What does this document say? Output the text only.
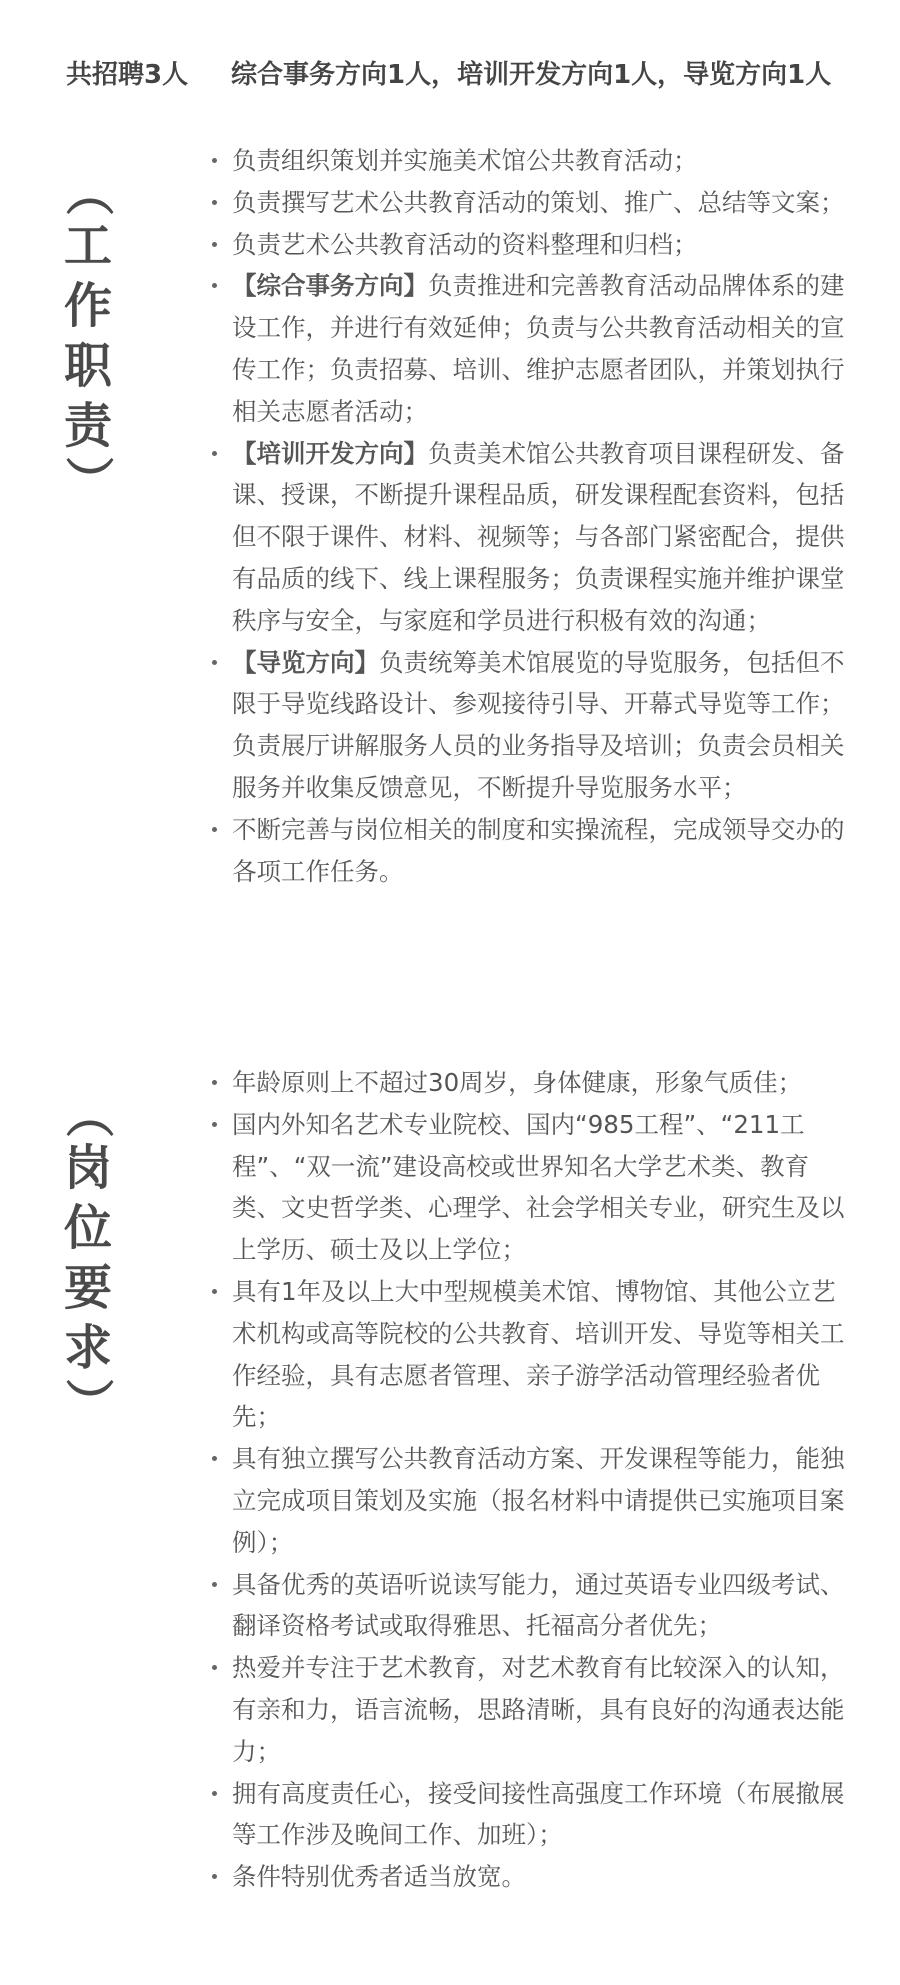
共招聘3人	综合事务方向1人，培训开发方向1人，导览方向1人
（
工
作
职
责
）
负责组织策划并实施美术馆公共教育活动；
负责撰写艺术公共教育活动的策划、推广、总结等文案；
负责艺术公共教育活动的资料整理和归档；
【综合事务方向】负责推进和完善教育活动品牌体系的建设工作，并进行有效延伸；负责与公共教育活动相关的宣传工作；负责招募、培训、维护志愿者团队，并策划执行相关志愿者活动；
【培训开发方向】负责美术馆公共教育项目课程研发、备课、授课，不断提升课程品质，研发课程配套资料，包括但不限于课件、材料、视频等；与各部门紧密配合，提供有品质的线下、线上课程服务；负责课程实施并维护课堂秩序与安全，与家庭和学员进行积极有效的沟通；
【导览方向】负责统筹美术馆展览的导览服务，包括但不限于导览线路设计、参观接待引导、开幕式导览等工作；负责展厅讲解服务人员的业务指导及培训；负责会员相关服务并收集反馈意见，不断提升导览服务水平；
不断完善与岗位相关的制度和实操流程，完成领导交办的各项工作任务。
（
岗
位
要
求
）
年龄原则上不超过30周岁，身体健康，形象气质佳；
国内外知名艺术专业院校、国内“985工程”、“211工程”、“双一流”建设高校或世界知名大学艺术类、教育类、文史哲学类、心理学、社会学相关专业，研究生及以上学历、硕士及以上学位；
具有1年及以上大中型规模美术馆、博物馆、其他公立艺术机构或高等院校的公共教育、培训开发、导览等相关工作经验，具有志愿者管理、亲子游学活动管理经验者优先；
具有独立撰写公共教育活动方案、开发课程等能力，能独立完成项目策划及实施（报名材料中请提供已实施项目案例）；
具备优秀的英语听说读写能力，通过英语专业四级考试、翻译资格考试或取得雅思、托福高分者优先；
热爱并专注于艺术教育，对艺术教育有比较深入的认知，有亲和力，语言流畅，思路清晰，具有良好的沟通表达能力；
拥有高度责任心，接受间接性高强度工作环境（布展撤展等工作涉及晚间工作、加班）；
条件特别优秀者适当放宽。
